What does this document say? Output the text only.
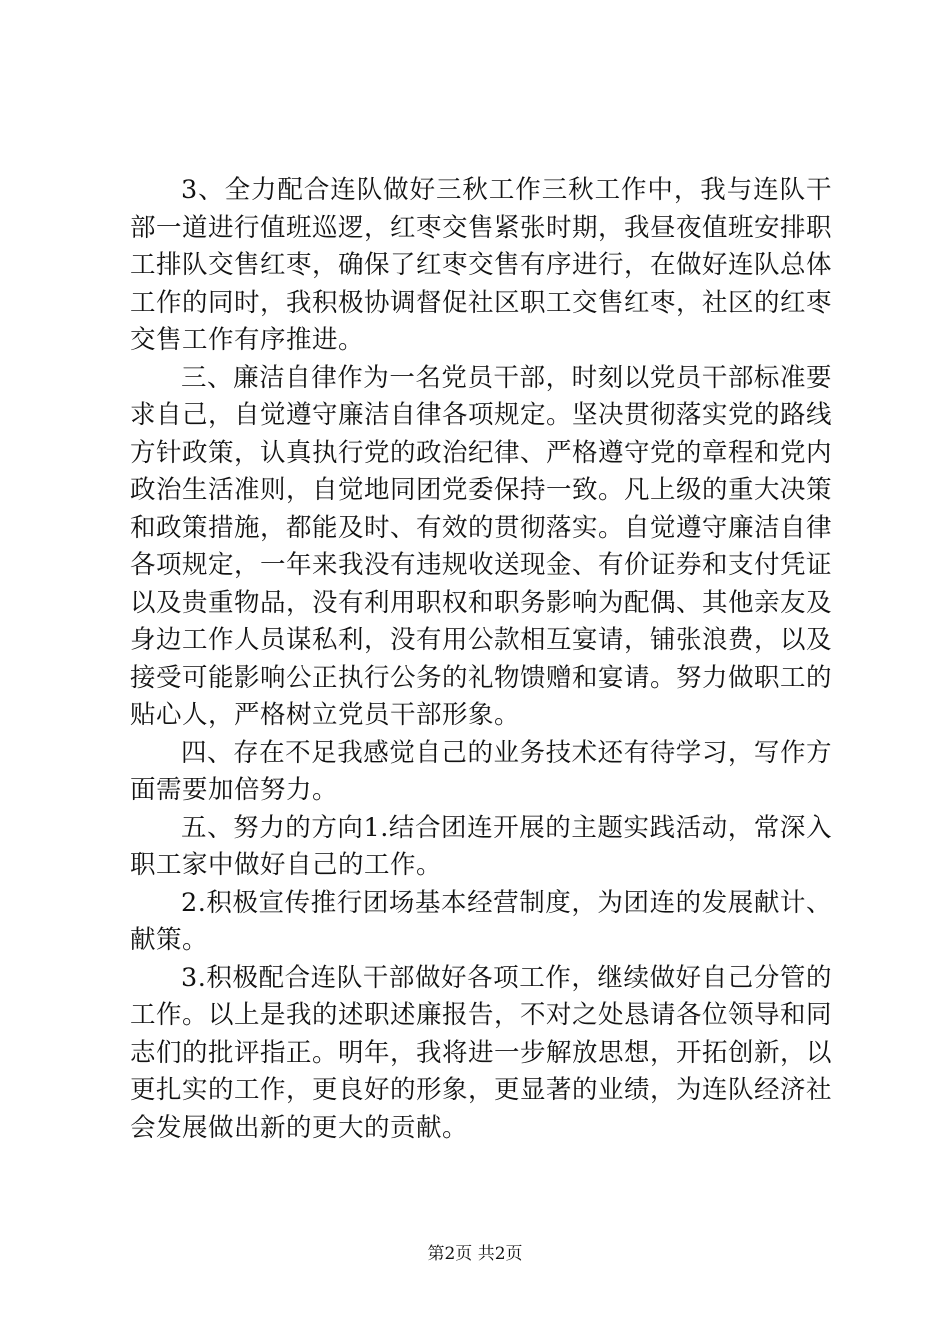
3、全力配合连队做好三秋工作三秋工作中，我与连队干部一道进行值班巡逻，红枣交售紧张时期，我昼夜值班安排职工排队交售红枣，确保了红枣交售有序进行，在做好连队总体工作的同时，我积极协调督促社区职工交售红枣，社区的红枣交售工作有序推进。

三、廉洁自律作为一名党员干部，时刻以党员干部标准要求自己，自觉遵守廉洁自律各项规定。坚决贯彻落实党的路线方针政策，认真执行党的政治纪律、严格遵守党的章程和党内政治生活准则，自觉地同团党委保持一致。凡上级的重大决策和政策措施，都能及时、有效的贯彻落实。自觉遵守廉洁自律各项规定，一年来我没有违规收送现金、有价证券和支付凭证以及贵重物品，没有利用职权和职务影响为配偶、其他亲友及身边工作人员谋私利，没有用公款相互宴请，铺张浪费，以及接受可能影响公正执行公务的礼物馈赠和宴请。努力做职工的贴心人，严格树立党员干部形象。

四、存在不足我感觉自己的业务技术还有待学习，写作方面需要加倍努力。

五、努力的方向1.结合团连开展的主题实践活动，常深入职工家中做好自己的工作。

2.积极宣传推行团场基本经营制度，为团连的发展献计、献策。

3.积极配合连队干部做好各项工作，继续做好自己分管的工作。以上是我的述职述廉报告，不对之处恳请各位领导和同志们的批评指正。明年，我将进一步解放思想，开拓创新，以更扎实的工作，更良好的形象，更显著的业绩，为连队经济社会发展做出新的更大的贡献。

第2页 共2页
